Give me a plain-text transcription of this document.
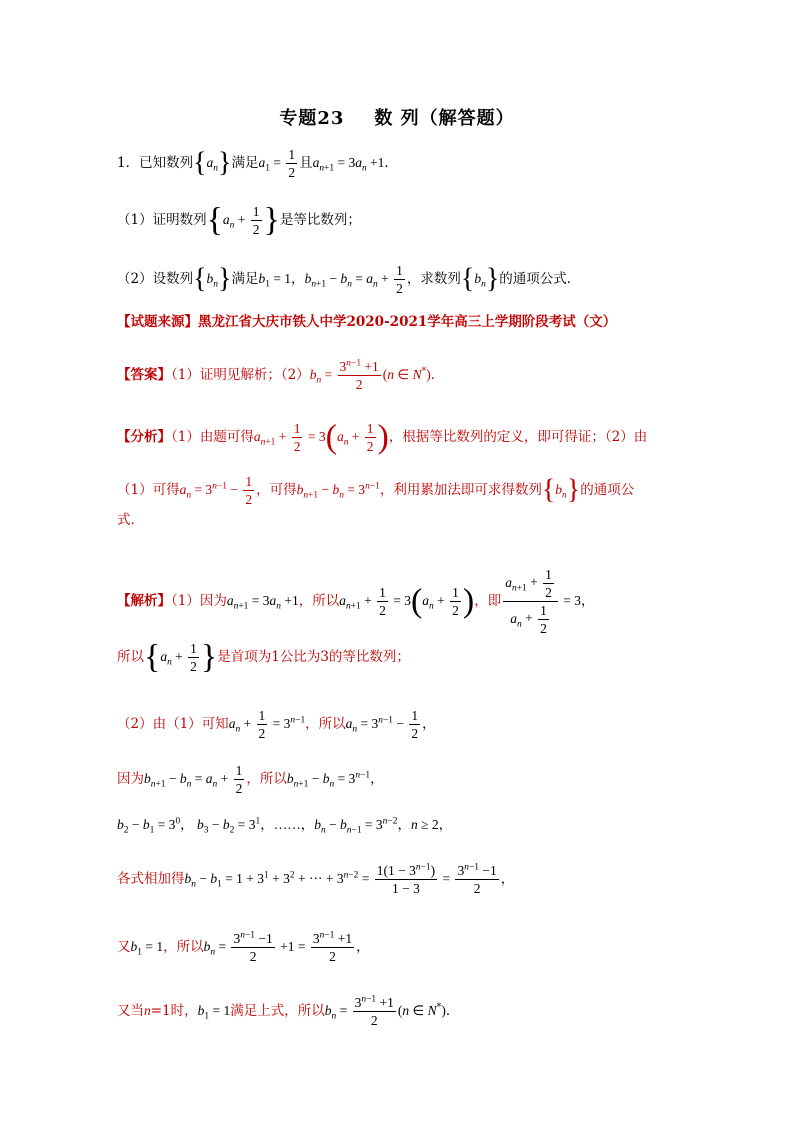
专题23 数 列（解答题）
1．已知数列$\{a_n\}$满足$a_1 = \frac{1}{2}$ 且$a_{n+1} = 3a_n +1$．
（1）证明数列{$a_n + \frac{1}{2}$ }是等比数列；
（2）设数列$\{b_n\}$满足$b_1 = 1$，$b_{n+1} - b_n = a_n + \frac{1}{2}$ ，求数列$\{b_n\}$的通项公式．
【试题来源】黑龙江省大庆市铁人中学2020-2021学年高三上学期阶段考试（文）
【答案】（1）证明见解析；$(2)b_n = \frac{3^{n-1} +1}{2} (n$ ∈ N*)．
【分析】（1）由题可得$a_{n+1} + \frac{1}{2} = 3(a_n + \frac{1}{2}$ )，根据等比数列的定义，即可得证；（2）由
（1）可得$a_n = 3^{n-1} - \frac{1}{2}$ ，可得$b_{n+1} - b_n = 3^{n-1}$，利用累加法即可求得数列$\{b_n\}$的通项公
式．
【解析】（1）因为$a_{n+1} = 3a_n +1$，所以$a_{n+1} + \frac{1}{2} = 3(a_n + \frac{1}{2}$ )，即 $\frac{a_{n+1} + \frac{1}{2}}{a_n + \frac{1}{2}} = 3$，
所以{$a_n + \frac{1}{2}$ }是首项为1公比为3的等比数列；
（2）由（1）可知$a_n + \frac{1}{2} = 3^{n-1}$，所以$a_n = 3^{n-1} - \frac{1}{2}$ ，
因为$b_{n+1} - b_n = a_n + \frac{1}{2}$ ，所以$b_{n+1} - b_n = 3^{n-1}$，
$b_2 - b_1 = 3^0$， $b_3 - b_2 = 3^1$，……，$b_n - b_{n-1} = 3^{n-2}$，n ≥ 2，
各式相加得$b_n - b_1 = 1 + 3^1 + 3^2$ + ··· + $3^{n-2} = \frac{1(1 - 3^{n-1})}{1 - 3} = \frac{3^{n-1} -1}{2}$ ，
又$b_1 = 1$，所以$b_n = \frac{3^{n-1} -1}{2} +1 = \frac{3^{n-1} +1}{2}$ ，
又当n=1时，$b_1 = 1$满足上式，所以$b_n = \frac{3^{n-1} +1}{2} (n$ ∈ N*)．
